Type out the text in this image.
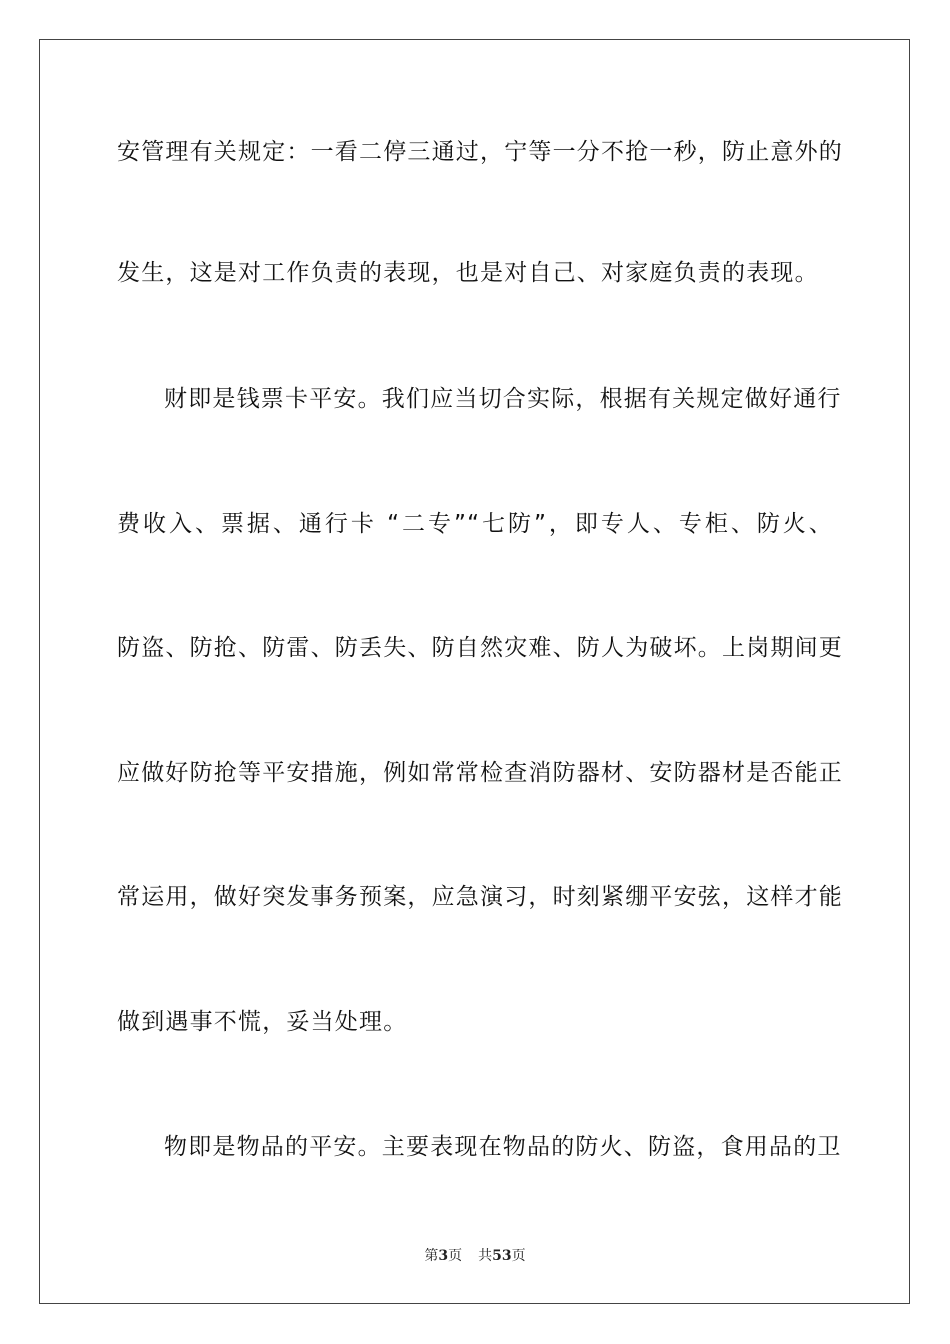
安管理有关规定：一看二停三通过，宁等一分不抢一秒，防止意外的
发生，这是对工作负责的表现，也是对自己、对家庭负责的表现。
财即是钱票卡平安。我们应当切合实际，根据有关规定做好通行
费收入、票据、通行卡 “二专”“七防”，即专人、专柜、防火、
防盗、防抢、防雷、防丢失、防自然灾难、防人为破坏。上岗期间更
应做好防抢等平安措施，例如常常检查消防器材、安防器材是否能正
常运用，做好突发事务预案，应急演习，时刻紧绷平安弦，这样才能
做到遇事不慌，妥当处理。
物即是物品的平安。主要表现在物品的防火、防盗，食用品的卫
第3页 共53页
